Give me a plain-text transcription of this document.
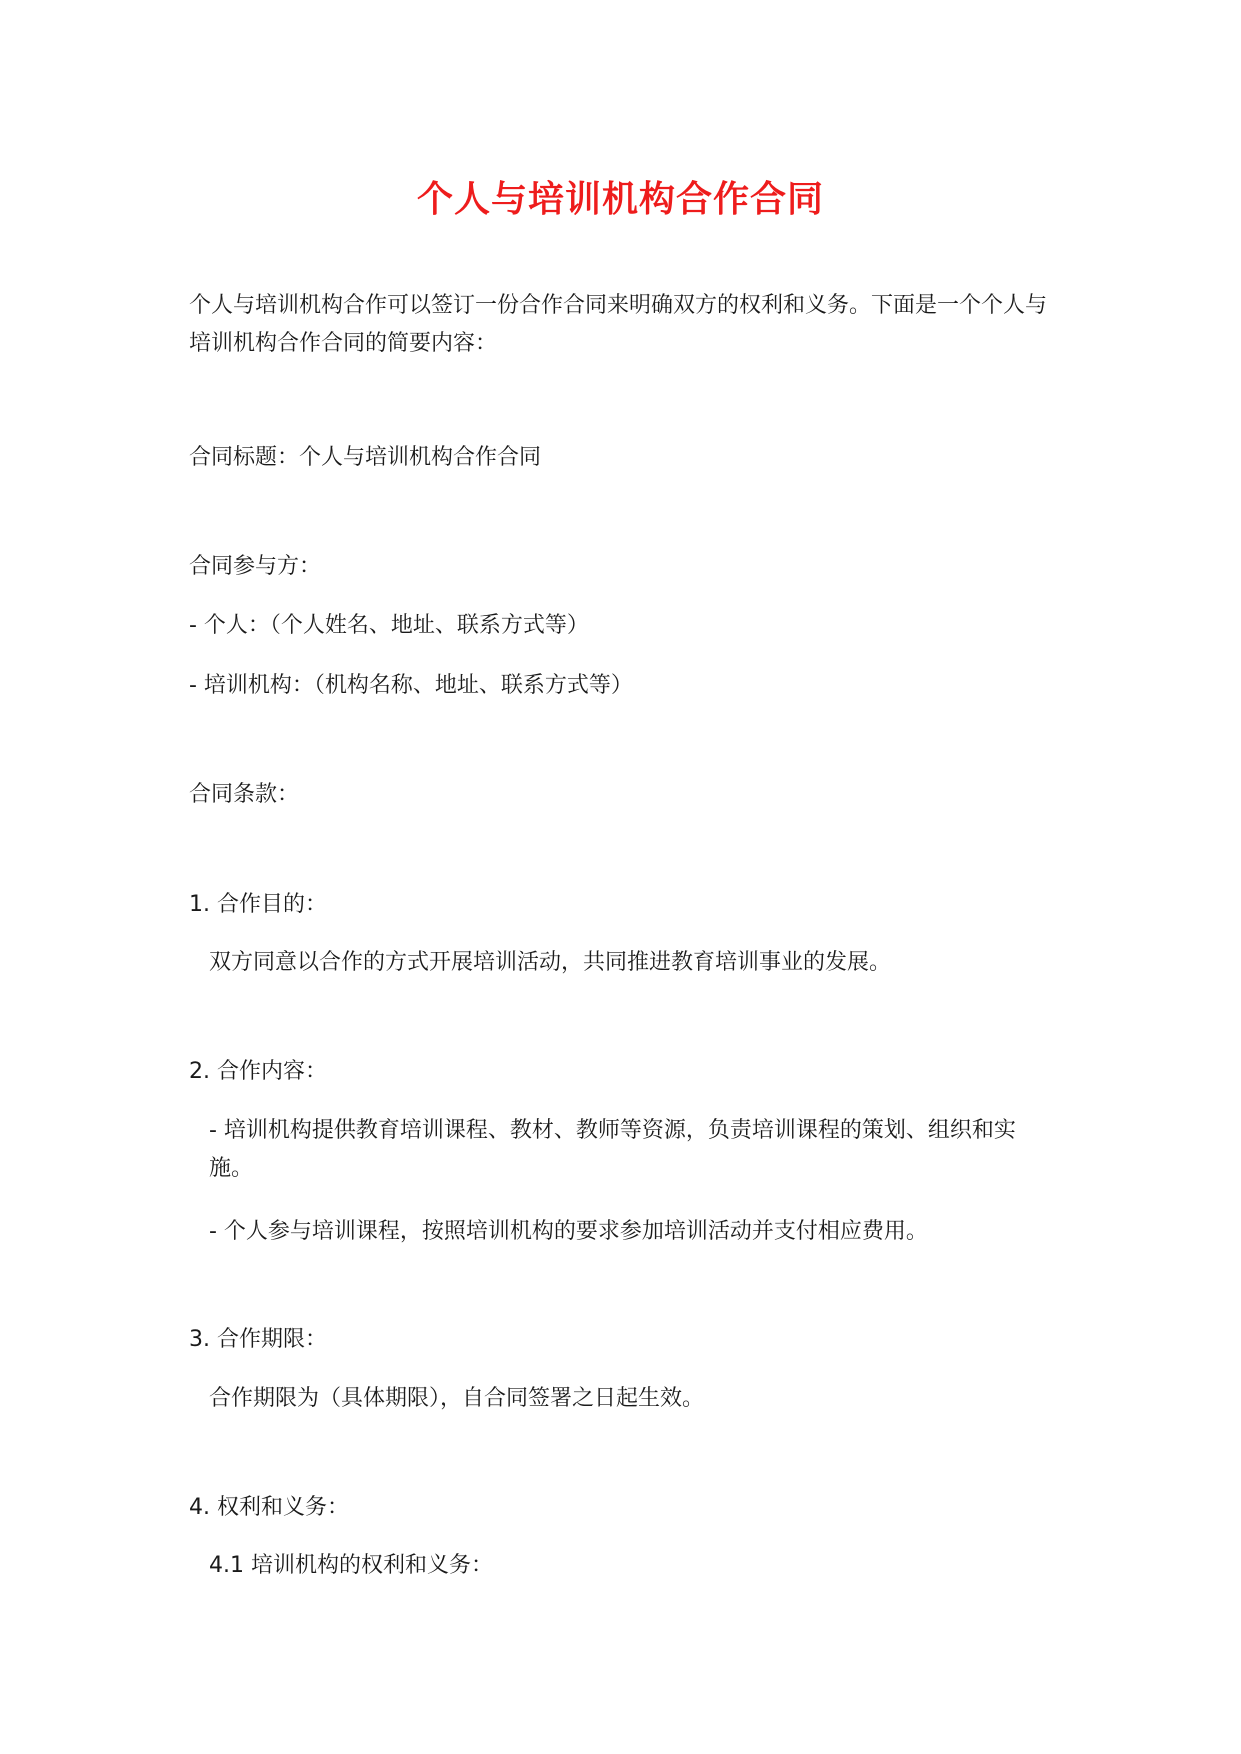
个人与培训机构合作合同
个人与培训机构合作可以签订一份合作合同来明确双方的权利和义务。下面是一个个人与培训机构合作合同的简要内容：
合同标题：个人与培训机构合作合同
合同参与方：
- 个人：（个人姓名、地址、联系方式等）
- 培训机构：（机构名称、地址、联系方式等）
合同条款：
1. 合作目的：
双方同意以合作的方式开展培训活动，共同推进教育培训事业的发展。
2. 合作内容：
- 培训机构提供教育培训课程、教材、教师等资源，负责培训课程的策划、组织和实施。
- 个人参与培训课程，按照培训机构的要求参加培训活动并支付相应费用。
3. 合作期限：
合作期限为（具体期限），自合同签署之日起生效。
4. 权利和义务：
4.1 培训机构的权利和义务：
